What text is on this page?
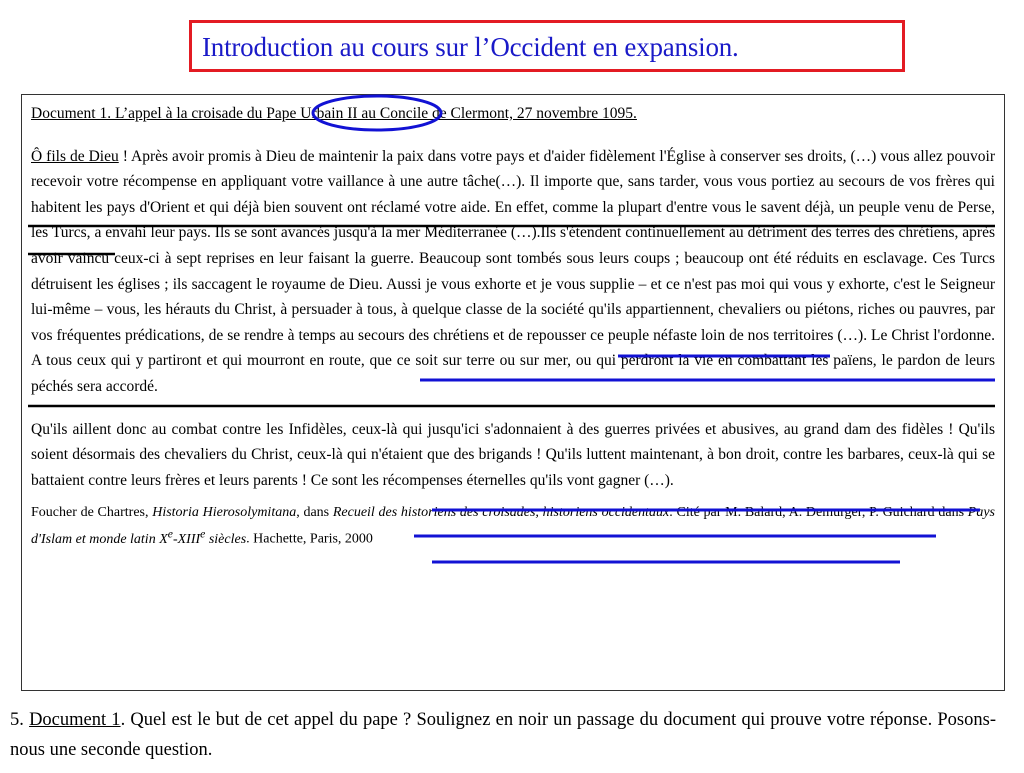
Introduction au cours sur l’Occident en expansion.

Document 1. L’appel à la croisade du Pape Urbain II au Concile de Clermont, 27 novembre 1095.

Ô fils de Dieu ! Après avoir promis à Dieu de maintenir la paix dans votre pays et d'aider fidèlement l'Église à conserver ses droits, (…) vous allez pouvoir recevoir votre récompense en appliquant votre vaillance à une autre tâche(…). Il importe que, sans tarder, vous vous portiez au secours de vos frères qui habitent les pays d'Orient et qui déjà bien souvent ont réclamé votre aide. En effet, comme la plupart d'entre vous le savent déjà, un peuple venu de Perse, les Turcs, a envahi leur pays. Ils se sont avancés jusqu'à la mer Méditerranée (…).Ils s'étendent continuellement au détriment des terres des chrétiens, après avoir vaincu ceux-ci à sept reprises en leur faisant la guerre. Beaucoup sont tombés sous leurs coups ; beaucoup ont été réduits en esclavage. Ces Turcs détruisent les églises ; ils saccagent le royaume de Dieu. Aussi je vous exhorte et je vous supplie – et ce n'est pas moi qui vous y exhorte, c'est le Seigneur lui-même – vous, les hérauts du Christ, à persuader à tous, à quelque classe de la société qu'ils appartiennent, chevaliers ou piétons, riches ou pauvres, par vos fréquentes prédications, de se rendre à temps au secours des chrétiens et de repousser ce peuple néfaste loin de nos territoires (…). Le Christ l'ordonne. A tous ceux qui y partiront et qui mourront en route, que ce soit sur terre ou sur mer, ou qui perdront la vie en combattant les païens, le pardon de leurs péchés sera accordé.

Qu'ils aillent donc au combat contre les Infidèles, ceux-là qui jusqu'ici s'adonnaient à des guerres privées et abusives, au grand dam des fidèles ! Qu'ils soient désormais des chevaliers du Christ, ceux-là qui n'étaient que des brigands ! Qu'ils luttent maintenant, à bon droit, contre les barbares, ceux-là qui se battaient contre leurs frères et leurs parents ! Ce sont les récompenses éternelles qu'ils vont gagner (…).

Foucher de Chartres, Historia Hierosolymitana, dans Recueil des historiens des croisades, historiens occidentaux. Cité par M. Balard, A. Demurger, P. Guichard dans Pays d'Islam et monde latin Xe-XIIIe siècles. Hachette, Paris, 2000

5. Document 1. Quel est le but de cet appel du pape ? Soulignez en noir un passage du document qui prouve votre réponse. Posons-nous une seconde question.
